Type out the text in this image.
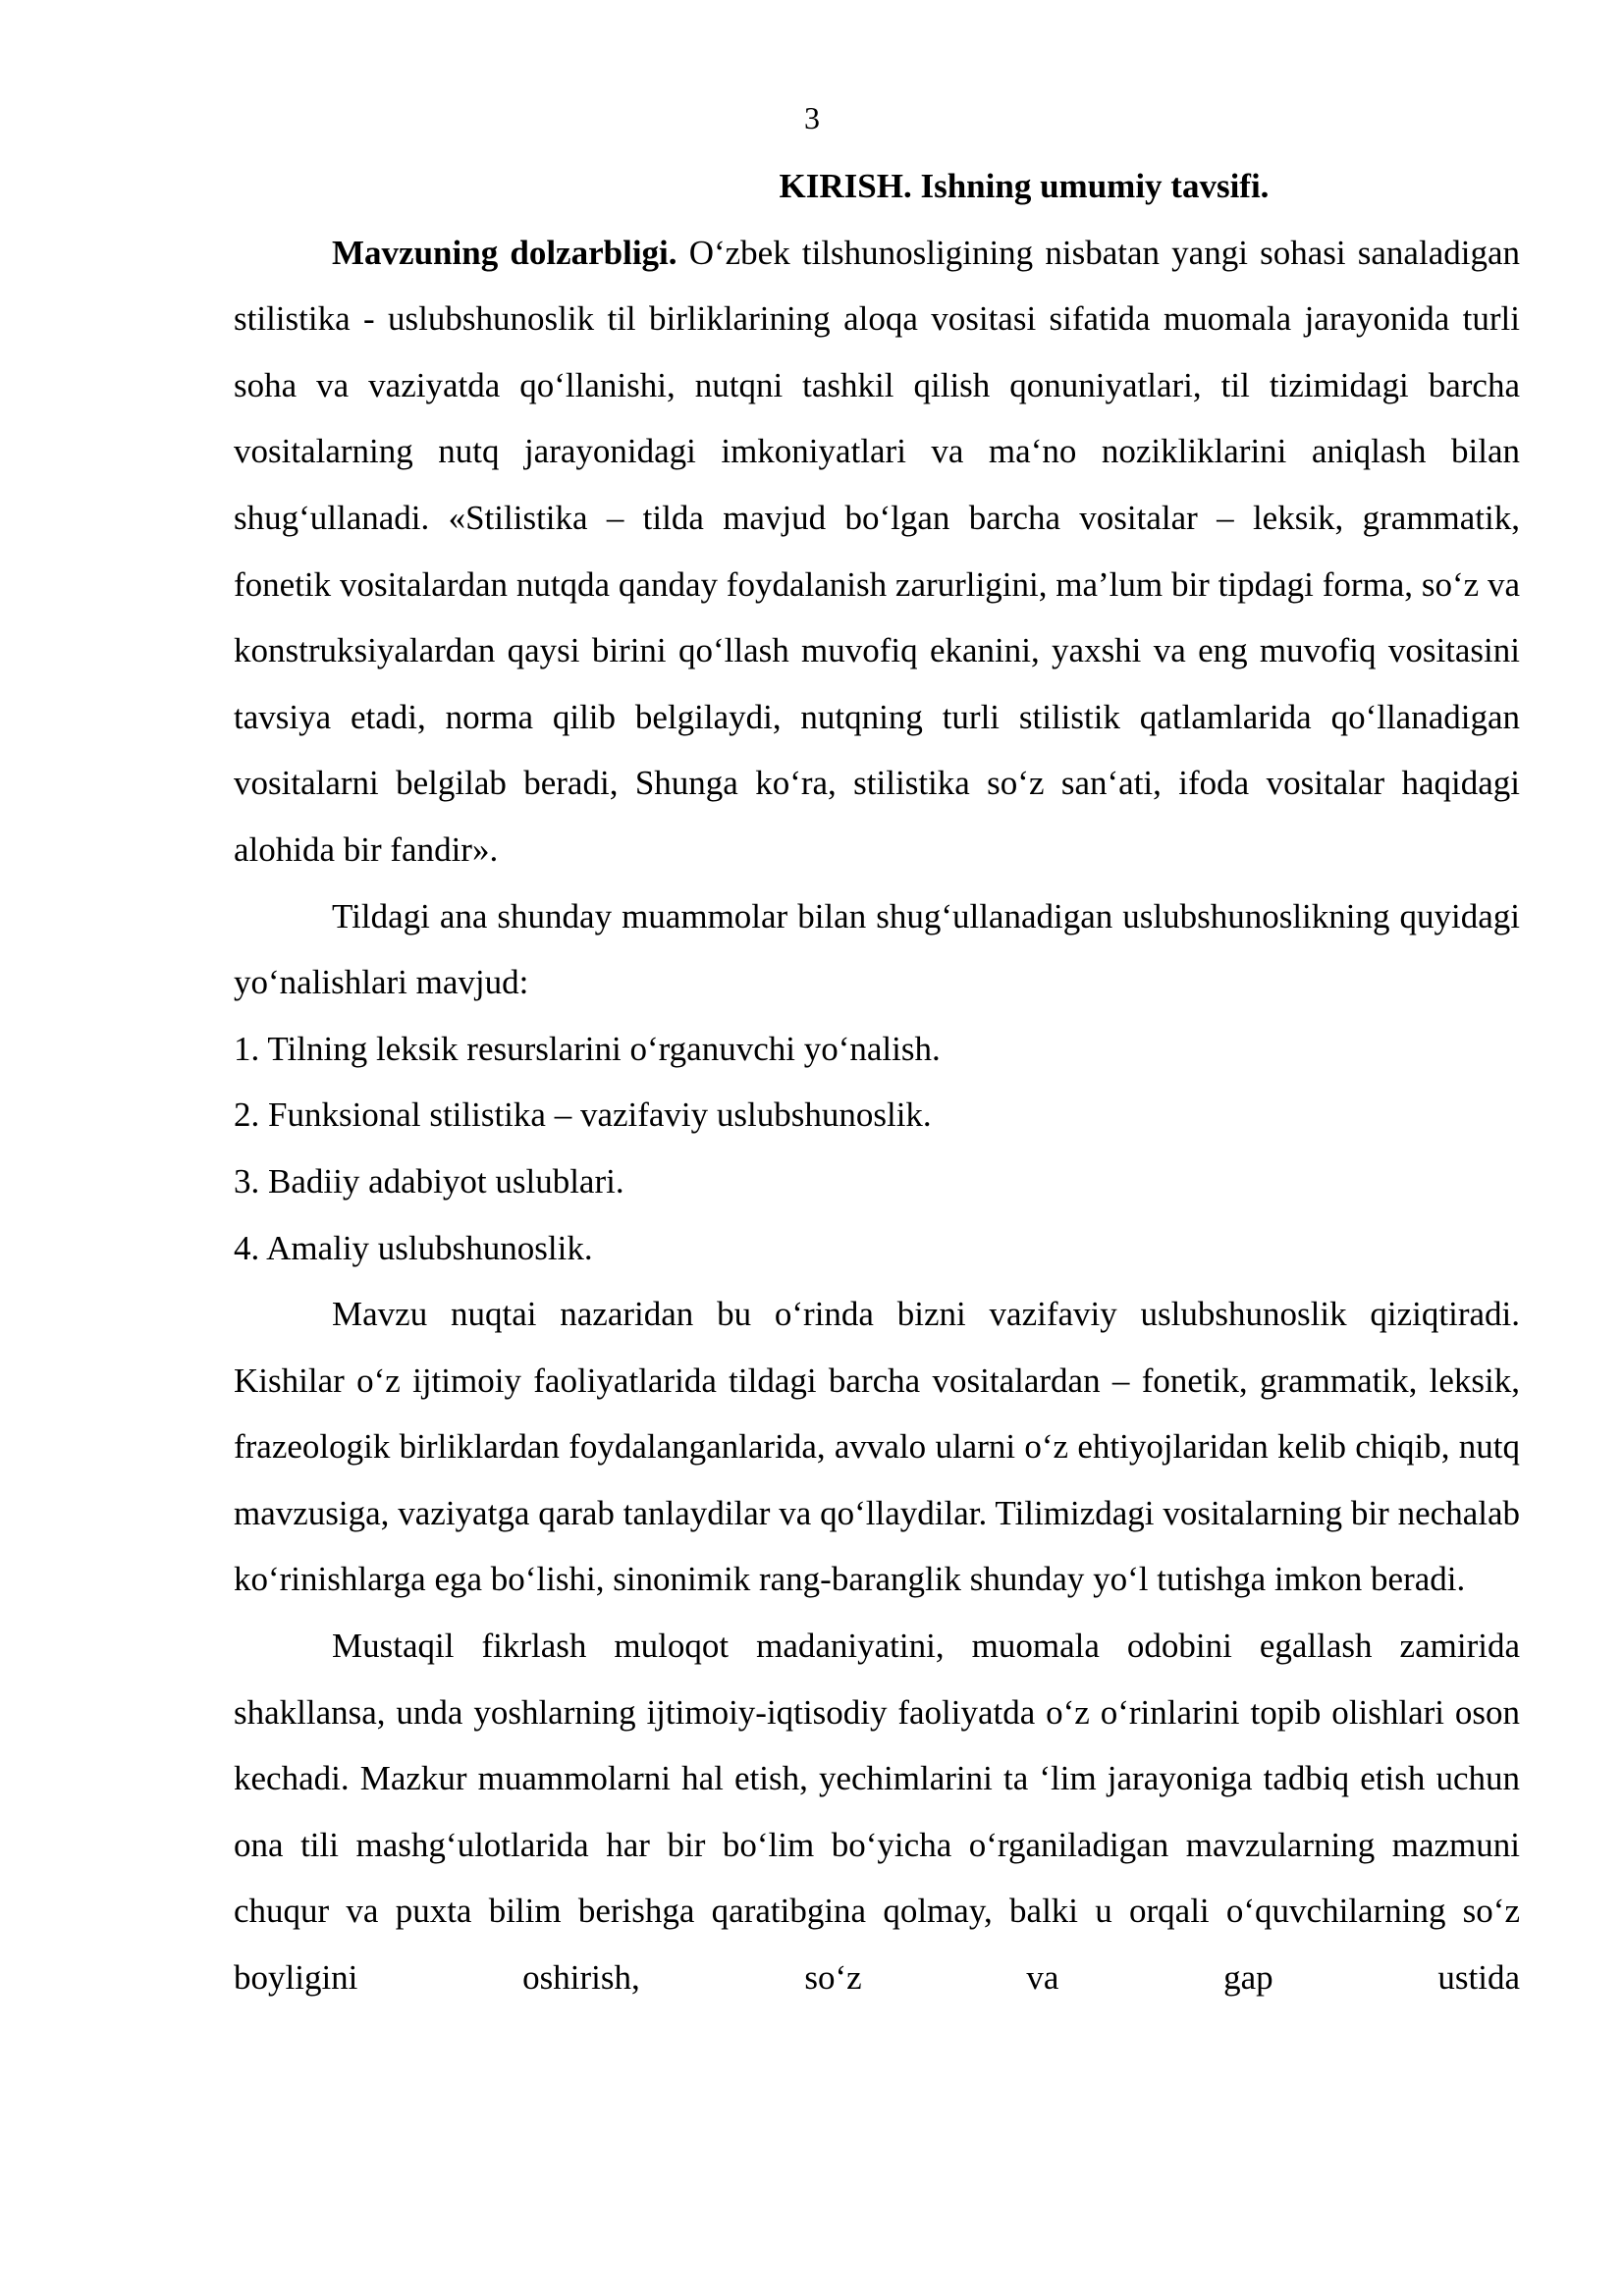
3
KIRISH. Ishning umumiy tavsifi.

Mavzuning dolzarbligi. O‘zbek tilshunosligining nisbatan yangi sohasi sanaladigan stilistika - uslubshunoslik til birliklarining aloqa vositasi sifatida muomala jarayonida turli soha va vaziyatda qo‘llanishi, nutqni tashkil qilish qonuniyatlari, til tizimidagi barcha vositalarning nutq jarayonidagi imkoniyatlari va ma‘no nozikliklarini aniqlash bilan shug‘ullanadi. «Stilistika – tilda mavjud bo‘lgan barcha vositalar – leksik, grammatik, fonetik vositalardan nutqda qanday foydalanish zarurligini, ma’lum bir tipdagi forma, so‘z va konstruksiyalardan qaysi birini qo‘llash muvofiq ekanini, yaxshi va eng muvofiq vositasini tavsiya etadi, norma qilib belgilaydi, nutqning turli stilistik qatlamlarida qo‘llanadigan vositalarni belgilab beradi, Shunga ko‘ra, stilistika so‘z san‘ati, ifoda vositalar haqidagi alohida bir fandir».

Tildagi ana shunday muammolar bilan shug‘ullanadigan uslubshunoslikning quyidagi yo‘nalishlari mavjud:

1. Tilning leksik resurslarini o‘rganuvchi yo‘nalish.

2. Funksional stilistika – vazifaviy uslubshunoslik.

3. Badiiy adabiyot uslublari.

4. Amaliy uslubshunoslik.

Mavzu nuqtai nazaridan bu o‘rinda bizni vazifaviy uslubshunoslik qiziqtiradi. Kishilar o‘z ijtimoiy faoliyatlarida tildagi barcha vositalardan – fonetik, grammatik, leksik, frazeologik birliklardan foydalanganlarida, avvalo ularni o‘z ehtiyojlaridan kelib chiqib, nutq mavzusiga, vaziyatga qarab tanlaydilar va qo‘llaydilar. Tilimizdagi vositalarning bir nechalab ko‘rinishlarga ega bo‘lishi, sinonimik rang-baranglik shunday yo‘l tutishga imkon beradi.

Mustaqil fikrlash muloqot madaniyatini, muomala odobini egallash zamirida shakllansa, unda yoshlarning ijtimoiy-iqtisodiy faoliyatda o‘z o‘rinlarini topib olishlari oson kechadi. Mazkur muammolarni hal etish, yechimlarini ta ‘lim jarayoniga tadbiq etish uchun ona tili mashg‘ulotlarida har bir bo‘lim bo‘yicha o‘rganiladigan mavzularning mazmuni chuqur va puxta bilim berishga qaratibgina qolmay, balki u orqali o‘quvchilarning so‘z boyligini oshirish, so‘z va gap ustida
